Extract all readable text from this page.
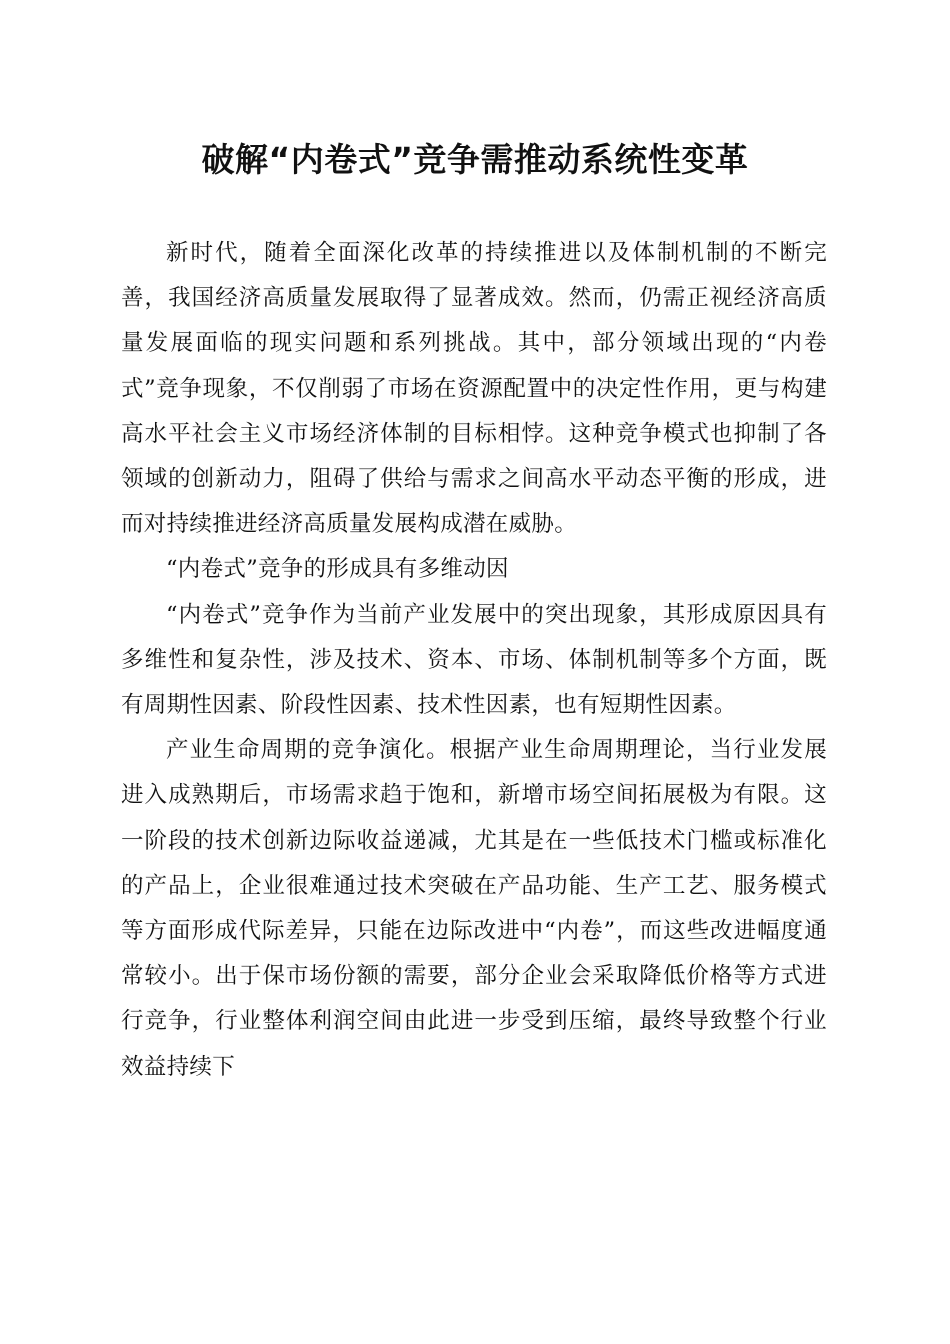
破解“内卷式”竞争需推动系统性变革

新时代，随着全面深化改革的持续推进以及体制机制的不断完善，我国经济高质量发展取得了显著成效。然而，仍需正视经济高质量发展面临的现实问题和系列挑战。其中，部分领域出现的“内卷式”竞争现象，不仅削弱了市场在资源配置中的决定性作用，更与构建高水平社会主义市场经济体制的目标相悖。这种竞争模式也抑制了各领域的创新动力，阻碍了供给与需求之间高水平动态平衡的形成，进而对持续推进经济高质量发展构成潜在威胁。

“内卷式”竞争的形成具有多维动因

“内卷式”竞争作为当前产业发展中的突出现象，其形成原因具有多维性和复杂性，涉及技术、资本、市场、体制机制等多个方面，既有周期性因素、阶段性因素、技术性因素，也有短期性因素。

产业生命周期的竞争演化。根据产业生命周期理论，当行业发展进入成熟期后，市场需求趋于饱和，新增市场空间拓展极为有限。这一阶段的技术创新边际收益递减，尤其是在一些低技术门槛或标准化的产品上，企业很难通过技术突破在产品功能、生产工艺、服务模式等方面形成代际差异，只能在边际改进中“内卷”，而这些改进幅度通常较小。出于保市场份额的需要，部分企业会采取降低价格等方式进行竞争，行业整体利润空间由此进一步受到压缩，最终导致整个行业效益持续下
